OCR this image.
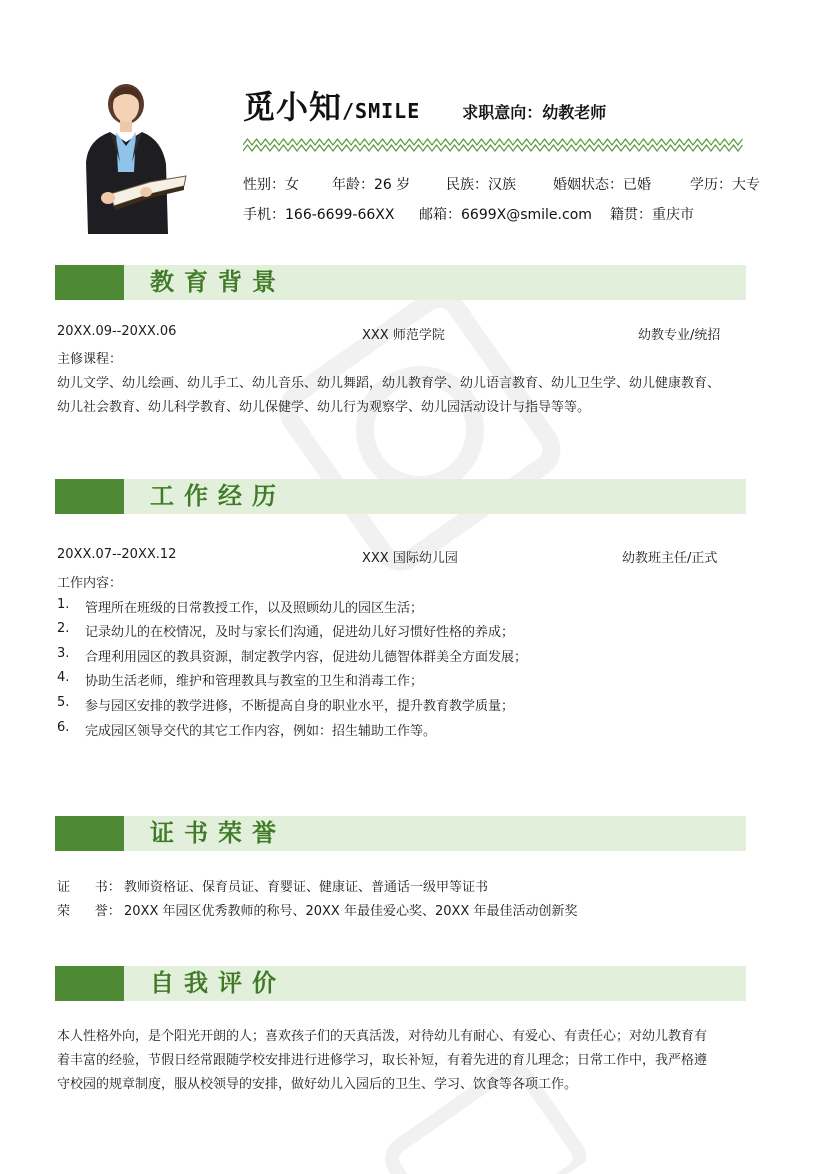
觅小知 /SMILE	求职意向：幼教老师
性别：女 年龄：26 岁	民族：汉族	婚姻状态：已婚	学历：大专
手机：166-6699-66XX 邮箱：6699X@smile.com 籍贯：重庆市
教育背景
20XX.09--20XX.06	XXX 师范学院	幼教专业/统招
主修课程：
幼儿文学、幼儿绘画、幼儿手工、幼儿音乐、幼儿舞蹈，幼儿教育学、幼儿语言教育、幼儿卫生学、幼儿健康教育、
幼儿社会教育、幼儿科学教育、幼儿保健学、幼儿行为观察学、幼儿园活动设计与指导等等。
工作经历
20XX.07--20XX.12	XXX 国际幼儿园	幼教班主任/正式
工作内容：
1. 管理所在班级的日常教授工作，以及照顾幼儿的园区生活；
2. 记录幼儿的在校情况，及时与家长们沟通，促进幼儿好习惯好性格的养成；
3. 合理利用园区的教具资源，制定教学内容，促进幼儿德智体群美全方面发展；
4. 协助生活老师，维护和管理教具与教室的卫生和消毒工作；
5. 参与园区安排的教学进修，不断提高自身的职业水平，提升教育教学质量；
6. 完成园区领导交代的其它工作内容，例如：招生辅助工作等。
证书荣誉
证      书： 教师资格证、保育员证、育婴证、健康证、普通话一级甲等证书
荣      誉： 20XX 年园区优秀教师的称号、20XX 年最佳爱心奖、20XX 年最佳活动创新奖
自我评价
本人性格外向，是个阳光开朗的人；喜欢孩子们的天真活泼，对待幼儿有耐心、有爱心、有责任心；对幼儿教育有
着丰富的经验，节假日经常跟随学校安排进行进修学习，取长补短，有着先进的育儿理念；日常工作中，我严格遵
守校园的规章制度，服从校领导的安排，做好幼儿入园后的卫生、学习、饮食等各项工作。
